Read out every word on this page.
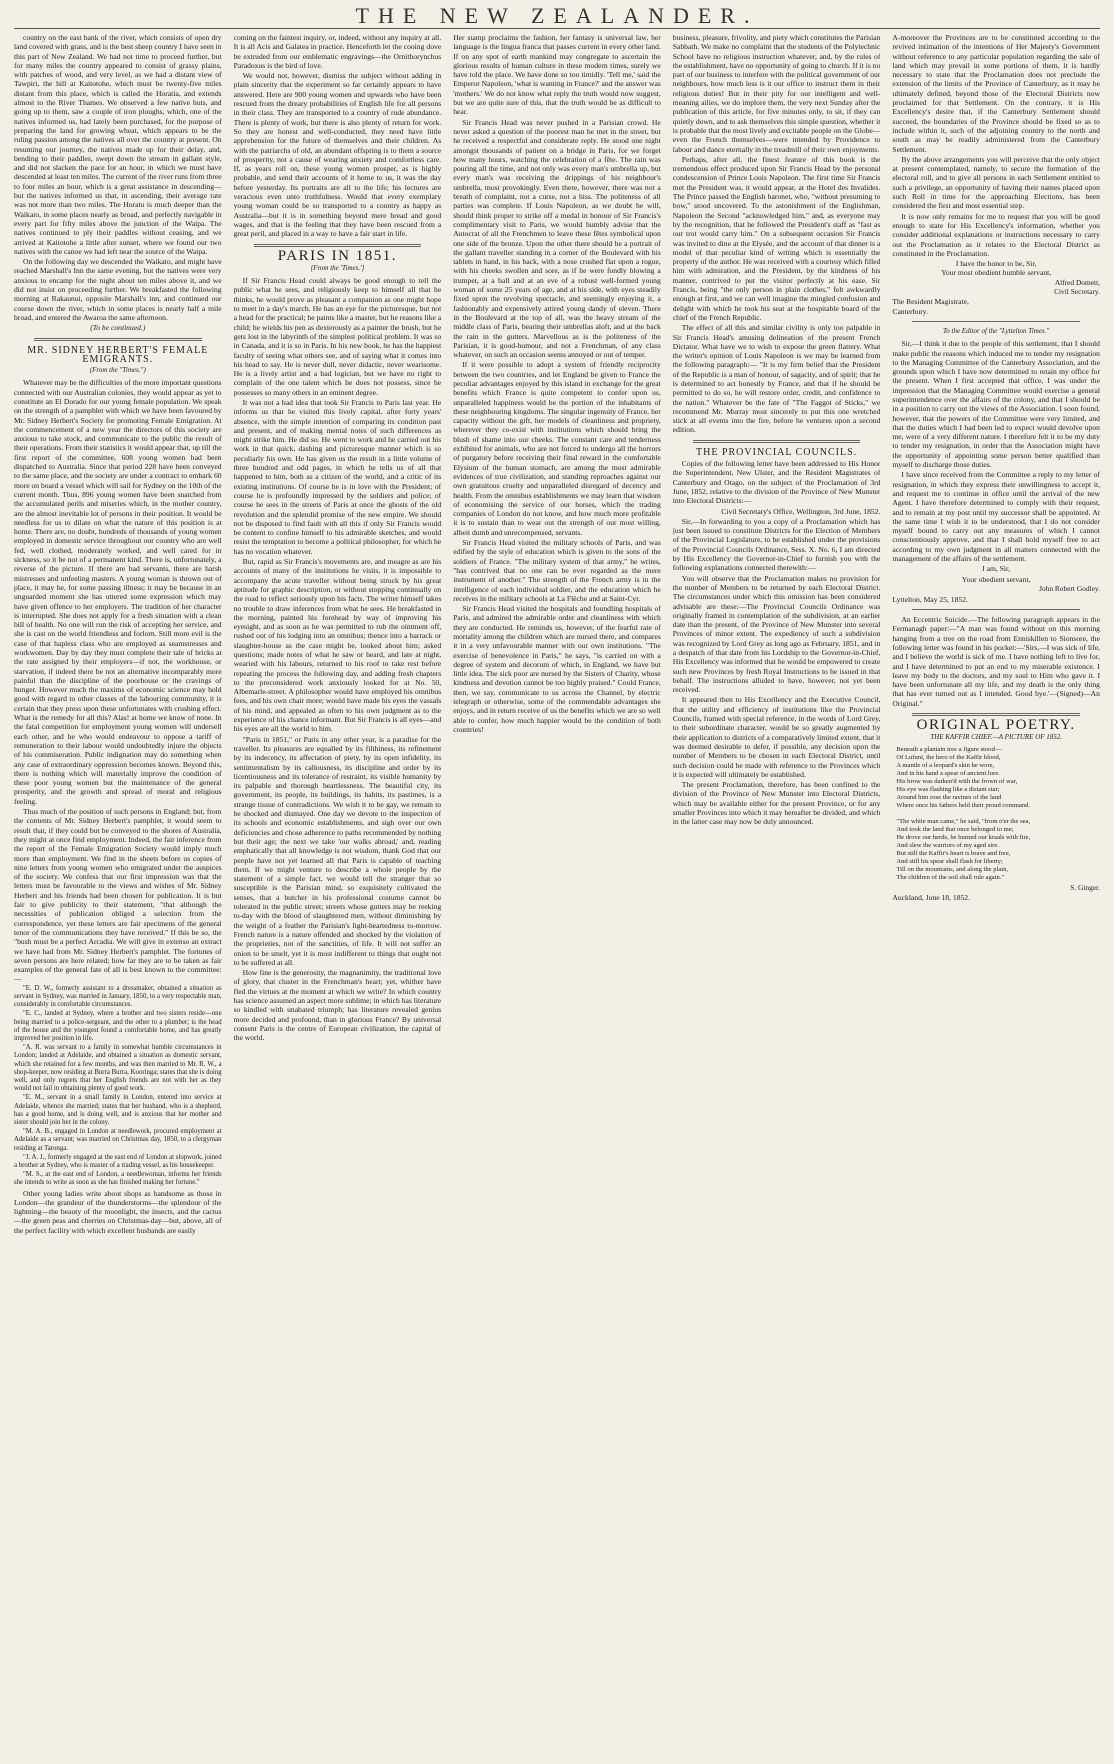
THE NEW ZEALANDER.

country on the east bank of the river, which consists of open dry land covered with grass, and is the best sheep country I have seen in this part of New Zealand. We had not time to proceed further, but for many miles the country appeared to consist of grassy plains, with patches of wood, and very level, as we had a distant view of Tawpiri, the hill at Kaitotohe, which must be twenty-five miles distant from this place, which is called the Horatia, and extends almost to the River Thames. We observed a few native huts, and going up to them, saw a couple of iron ploughs, which, one of the natives informed us, had lately been purchased, for the purpose of preparing the land for growing wheat, which appears to be the ruling passion among the natives all over the country at present. On resuming our journey, the natives made up for their delay, and, bending to their paddles, swept down the stream in gallant style, and did not slacken the pace for an hour, in which we must have descended at least ten miles. The current of the river runs from three to four miles an hour, which is a great assistance in descending—but the natives informed us that, in ascending, their average rate was not more than two miles. The Horatu is much deeper than the Waikato, in some places nearly as broad, and perfectly navigable in every part for fifty miles above the junction of the Waipa. The natives continued to ply their paddles without ceasing, and we arrived at Kaitotohe a little after sunset, where we found our two natives with the canoe we had left near the source of the Waipa.

On the following day we descended the Waikato, and might have reached Marshall's Inn the same evening, but the natives were very anxious to encamp for the night about ten miles above it, and we did not insist on proceeding further. We breakfasted the following morning at Rakaunui, opposite Marshall's inn, and continued our course down the river, which in some places is nearly half a mile broad, and entered the Awaroa the same afternoon.

(To be continued.)

MR. SIDNEY HERBERT'S FEMALE EMIGRANTS.
(From the "Times.")

Whatever may be the difficulties of the more important questions connected with our Australian colonies, they would appear as yet to constitute an El Dorado for our young female population. We speak on the strength of a pamphlet with which we have been favoured by Mr. Sidney Herbert's Society for promoting Female Emigration. At the commencement of a new year the directors of this society are anxious to take stock, and communicate to the public the result of their operations. From their statistics it would appear that, up till the first report of the committee, 608 young women had been dispatched to Australia. Since that period 228 have been conveyed to the same place, and the society are under a contract to embark 60 more on board a vessel which will sail for Sydney on the 10th of the current month. Thus, 896 young women have been snatched from the accumulated perils and miseries which, in the mother country, are the almost inevitable lot of persons in their position. It would be needless for us to dilate on what the nature of this position is at home. There are, no doubt, hundreds of thousands of young women employed in domestic service throughout our country who are well fed, well clothed, moderately worked, and well cared for in sickness, so it be not of a permanent kind. There is, unfortunately, a reverse of the picture. If there are bad servants, there are harsh mistresses and unfeeling masters. A young woman is thrown out of place, it may be, for some passing illness; it may be because in an unguarded moment she has uttered some expression which may have given offence to her employers. The tradition of her character is interrupted. She does not apply for a fresh situation with a clean bill of health. No one will run the risk of accepting her service, and she is cast on the world friendless and forlorn. Still more evil is the case of that hapless class who are employed as seamstresses and workwomen. Day by day they must complete their tale of bricks at the rate assigned by their employers—if not, the workhouse, or starvation, if indeed there be not an alternative incomparably more painful than the discipline of the poorhouse or the cravings of hunger. However much the maxims of economic science may hold good with regard to other classes of the labouring community, it is certain that they press upon these unfortunates with crushing effect. What is the remedy for all this? Alas! at home we know of none. In the fatal competition for employment young women will undersell each other, and he who would endeavour to oppose a tariff of remuneration to their labour would undoubtedly injure the objects of his commiseration. Public indignation may do something when any case of extraordinary oppression becomes known. Beyond this, there is nothing which will materially improve the condition of these poor young women but the maintenance of the general prosperity, and the growth and spread of moral and religious feeling.

Thus much of the position of such persons in England; but, from the contents of Mr. Sidney Herbert's pamphlet, it would seem to result that, if they could but be conveyed to the shores of Australia, they might at once find employment. Indeed, the fair inference from the report of the Female Emigration Society would imply much more than employment. We find in the sheets before us copies of nine letters from young women who emigrated under the auspices of the society. We confess that our first impression was that the letters must be favourable to the views and wishes of Mr. Sidney Herbert and his friends had been chosen for publication. It is but fair to give publicity to their statement, "that although the necessities of publication obliged a selection from the correspondence, yet these letters are fair specimens of the general tenor of the communications they have received." If this be so, the "bush must be a perfect Arcadia. We will give in extenso an extract we have had from Mr. Sidney Herbert's pamphlet. The fortunes of seven persons are here related; how far they are to be taken as fair examples of the general fate of all is best known to the committee:—

"E. D. W., formerly assistant to a dressmaker, obtained a situation as servant in Sydney, was married in January, 1850, to a very respectable man, considerably in comfortable circumstances.

"E. C., landed at Sydney, where a brother and two sisters reside—one being married to a police-sergeant, and the other to a plumber; is the head of the house and the youngest found a comfortable home, and has greatly improved her position in life.

"A. R. was servant to a family in somewhat humble circumstances in London; landed at Adelaide, and obtained a situation as domestic servant, which she retained for a few months, and was then married to Mr. R. W., a shop-keeper, now residing at Burra Burra, Kooringa; states that she is doing well, and only regrets that her English friends are not with her as they would not fail in obtaining plenty of good work.

"E. M., servant in a small family in London, entered into service at Adelaide, whence she married; states that her husband, who is a shepherd, has a good home, and is doing well, and is anxious that her mother and sister should join her in the colony.

"M. A. B., engaged in London at needlework, procured employment at Adelaide as a servant; was married on Christmas day, 1850, to a clergyman residing at Taronga.

"J. A. J., formerly engaged at the east end of London at slopwork, joined a brother at Sydney, who is master of a trading vessel, as his housekeeper.

"M. S., at the east end of London, a needlewoman, informs her friends she intends to write as soon as she has finished making her fortune."

Other young ladies write about shops as handsome as those in London—the grandeur of the thunderstorms—the splendour of the lightning—the beauty of the moonlight, the insects, and the cactus—the green peas and cherries on Christmas-day—but, above, all of the perfect facility with which excellent husbands are easily

coming on the faintest inquiry, or, indeed, without any inquiry at all. It is all Acis and Galatea in practice. Henceforth let the cooing dove be extruded from our emblematic engravings—the Ornithorynchus Paradoxus is the bird of love.

We would not, however, dismiss the subject without adding in plain sincerity that the experiment so far certainly appears to have answered. Here are 900 young women and upwards who have been rescued from the dreary probabilities of English life for all persons in their class. They are transported to a country of rude abundance. There is plenty of work, but there is also plenty of return for work. So they are honest and well-conducted, they need have little apprehension for the future of themselves and their children. As with the patriarchs of old, an abundant offspring is to them a source of prosperity, not a cause of wearing anxiety and comfortless care. If, as years roll on, these young women prosper, as is highly probable, and send their accounts of it home to us, it was the day before yesterday. Its portraits are all to the life; his lectures are veracious even unto truthfulness. Would that every exemplary young woman could be so transported to a country as happy as Australia—but it is in something beyond mere bread and good wages, and that is the feeling that they have been rescued from a great peril, and placed in a way to have a fair start in life.

PARIS IN 1851.
[From the 'Times.']

If Sir Francis Head could always be good enough to tell the public what he sees, and religiously keep to himself all that he thinks, he would prove as pleasant a companion as one might hope to meet in a day's march. He has an eye for the picturesque, but not a head for the practical; he paints like a master, but he reasons like a child; he wields his pen as dexterously as a painter the brush, but he gets lost in the labyrinth of the simplest political problem. It was so in Canada, and it is so in Paris. In his new book, he has the happiest faculty of seeing what others see, and of saying what it comes into his head to say. He is never dull, never didactic, never wearisome. He is a lively artist and a bad logician, but we have no right to complain of the one talent which he does not possess, since he possesses so many others in an eminent degree.

It was not a bad idea that took Sir Francis to Paris last year. He informs us that he visited this lively capital, after forty years' absence, with the simple intention of comparing its condition past and present, and of making mental notes of such differences as might strike him. He did so. He went to work and he carried out his work in that quick, dashing and picturesque manner which is so peculiarly his own. He has given us the result in a little volume of three hundred and odd pages, in which he tells us of all that happened to him, both as a citizen of the world, and a critic of its existing institutions. Of course he is in love with the President; of course he is profoundly impressed by the soldiers and police; of course he sees in the streets of Paris at once the ghosts of the old revolution and the splendid promise of the new empire. We should not be disposed to find fault with all this if only Sir Francis would be content to confine himself to his admirable sketches, and would resist the temptation to become a political philosopher, for which he has no vocation whatever.

But, rapid as Sir Francis's movements are, and meagre as are his accounts of many of the institutions he visits, it is impossible to accompany the acute traveller without being struck by his great aptitude for graphic description, or without stopping continually on the road to reflect seriously upon his facts. The writer himself takes no trouble to draw inferences from what he sees. He breakfasted in the morning, painted his forehead by way of improving his eyesight, and as soon as he was permitted to rub the ointment off, rushed out of his lodging into an omnibus; thence into a barrack or slaughter-house as the case might be, looked about him; asked questions; made notes of what he saw or heard, and late at night, wearied with his labours, returned to his roof to take rest before repeating the process the following day, and adding fresh chapters to the preconsidered work anxiously looked for at No. 50, Albemarle-street. A philosopher would have employed his omnibus fees, and his own chair more; would have made his eyes the vassals of his mind, and appealed as often to his own judgment as to the experience of his chance informant. But Sir Francis is all eyes—and his eyes are all the world to him.

"Paris in 1851," or Paris in any other year, is a paradise for the traveller. Its pleasures are equalled by its filthiness, its refinement by its indecency, its affectation of piety, by its open infidelity, its sentimentalism by its callousness, its discipline and order by its licentiousness and its tolerance of restraint, its visible humanity by its palpable and thorough heartlessness. The beautiful city, its government, its people, its buildings, its habits, its pastimes, is a strange tissue of contradictions. We wish it to be gay, we remain to be shocked and dismayed. One day we devote to the inspection of its schools and economic establishments, and sigh over our own deficiencies and chose adherence to paths recommended by nothing but their age; the next we take 'our walks abroad,' and, reading emphatically that all knowledge is not wisdom, thank God that our people have not yet learned all that Paris is capable of teaching them. If we might venture to describe a whole people by the statement of a simple fact, we would tell the stranger that so susceptible is the Parisian mind, so exquisitely cultivated the senses, that a butcher in his professional costume cannot be tolerated in the public street; streets whose gutters may be reeking to-day with the blood of slaughtered men, without diminishing by the weight of a feather the Parisian's light-heartedness to-morrow. French nature is a nature offended and shocked by the violation of the proprieties, not of the sanctities, of life. It will not suffer an onion to be smelt, yet it is most indifferent to things that ought not to be suffered at all.

How fine is the generosity, the magnanimity, the traditional love of glory, that cluster in the Frenchman's heart; yet, whither have fled the virtues at the moment at which we write? In which country has science assumed an aspect more sublime; in which has literature so kindled with unabated triumph; has literature revealed genius more decided and profound, than in glorious France? By universal consent Paris is the centre of European civilization, the capital of the world.

Her stamp proclaims the fashion, her fantasy is universal law, her language is the lingua franca that passes current in every other land. If on any spot of earth mankind may congregate to ascertain the glorious results of human culture in these modern times, surely we have told the place. We have done so too timidly. 'Tell me,' said the Emperor Napoleon, 'what is wanting in France?' and the answer was 'mothers.' We do not know what reply the truth would now suggest, but we are quite sure of this, that the truth would be as difficult to hear.

Sir Francis Head was never pushed in a Parisian crowd. He never asked a question of the poorest man he met in the street, but he received a respectful and considerate reply. He stood one night amongst thousands of patient on a bridge in Paris, for we forget how many hours, watching the celebration of a fête. The rain was pouring all the time, and not only was every man's umbrella up, but every man's was receiving the drippings of his neighbour's umbrella, most provokingly. Even there, however, there was not a breath of complaint, not a curse, not a hiss. The politeness of all parties was complete. If Louis Napoleon, as we doubt he will, should think proper to strike off a medal in honour of Sir Francis's complimentary visit to Paris, we would humbly advise that the Autocrat of all the Frenchmen to leave these fêtes symbolical upon one side of the bronze. Upon the other there should be a portrait of the gallant traveller standing in a corner of the Boulevard with his tablets in hand, in his back, with a nose crushed flat upon a rogue, with his cheeks swollen and sore, as if he were fondly blowing a trumpet, at a ball and at an eve of a robust well-formed young woman of some 25 years of age, and at his side, with eyes steadily fixed upon the revolving spectacle, and seemingly enjoying it, a fashionably and expensively attired young dandy of eleven. There in the Boulevard at the top of all, was the heavy stream of the middle class of Paris, bearing their umbrellas aloft, and at the back the rain in the gutters. Marvellous as is the politeness of the Parisian, it is good-humour, and not a Frenchman, of any class whatever, on such an occasion seems annoyed or out of temper.

If it were possible to adopt a system of friendly reciprocity between the two countries, and let England be given to France the peculiar advantages enjoyed by this island in exchange for the great benefits which France is quite competent to confer upon us, unparalleled happiness would be the portion of the inhabitants of these neighbouring kingdoms. The singular ingenuity of France, her capacity without the gift, her models of cleanliness and propriety, wherever they co-exist with institutions which should bring the blush of shame into our cheeks. The constant care and tenderness exhibited for animals, who are not forced to undergo all the horrors of purgatory before receiving their final reward in the comfortable Elysium of the human stomach, are among the most admirable evidences of true civilization, and standing reproaches against our own gratuitous cruelty and unparalleled disregard of decency and health. From the omnibus establishments we may learn that wisdom of economising the service of our horses, which the trading companies of London do not know, and how much more profitable it is to sustain than to wear out the strength of our most willing, albeit dumb and unrecompensed, servants.

Sir Francis Head visited the military schools of Paris, and was edified by the style of education which is given to the sons of the soldiers of France. "The military system of that army," he writes, "has contrived that no one can be ever regarded as the mere instrument of another." The strength of the French army is in the intelligence of each individual soldier, and the education which he receives in the military schools at La Flèche and at Saint-Cyr.

Sir Francis Head visited the hospitals and foundling hospitals of Paris, and admired the admirable order and cleanliness with which they are conducted. He reminds us, however, of the fearful rate of mortality among the children which are nursed there, and compares it in a very unfavourable manner with our own institutions. "The exercise of benevolence in Paris," he says, "is carried on with a degree of system and decorum of which, in England, we have but little idea. The sick poor are nursed by the Sisters of Charity, whose kindness and devotion cannot be too highly praised." Could France, then, we say, communicate to us across the Channel, by electric telegraph or otherwise, some of the commendable advantages she enjoys, and in return receive of us the benefits which we are so well able to confer, how much happier would be the condition of both countries!

business, pleasure, frivolity, and piety which constitutes the Parisian Sabbath. We make no complaint that the students of the Polytechnic School have no religious instruction whatever, and, by the rules of the establishment, have no opportunity of going to church. If it is no part of our business to interfere with the political government of our neighbours, how much less is it our office to instruct them in their religious duties! But in their pity for our intelligent and well-meaning ailies, we do implore them, the very next Sunday after the publication of this article, for five minutes only, to sit, if they can quietly down, and to ask themselves this simple question, whether it is probable that the most lively and excitable people on the Globe—even the French themselves—were intended by Providence to labour and dance eternally in the treadmill of their own enjoyments.

Perhaps, after all, the finest feature of this book is the tremendous effect produced upon Sir Francis Head by the personal condescension of Prince Louis Napoleon. The first time Sir Francis met the President was, it would appear, at the Hotel des Invalides. The Prince passed the English baronet, who, "without presuming to bow," stood uncovered. To the astonishment of the Englishman, Napoleon the Second "acknowledged him," and, as everyone may by the recognition, that he followed the President's staff as "fast as our trot would carry him." On a subsequent occasion Sir Francis was invited to dine at the Elysée, and the account of that dinner is a model of that peculiar kind of writing which is essentially the property of the author. He was received with a courtesy which filled him with admiration, and the President, by the kindness of his manner, contrived to put the visitor perfectly at his ease. Sir Francis, being "the only person in plain clothes," felt awkwardly enough at first, and we can well imagine the mingled confusion and delight with which he took his seat at the hospitable board of the chief of the French Republic.

The effect of all this and similar civility is only too palpable in Sir Francis Head's amusing delineation of the present French Dictator. What have we to wish to expose the green flattery. What the writer's opinion of Louis Napoleon is we may be learned from the following paragraph:— "It is my firm belief that the President of the Republic is a man of honour, of sagacity, and of spirit; that he is determined to act honestly by France, and that if he should be permitted to do so, he will restore order, credit, and confidence to the nation." Whatever be the fate of "The Faggot of Sticks," we recommend Mr. Murray most sincerely to put this one wretched stick at all events into the fire, before he ventures upon a second edition.

THE PROVINCIAL COUNCILS.

Copies of the following letter have been addressed to His Honor the Superintendent, New Ulster, and the Resident Magistrates of Canterbury and Otago, on the subject of the Proclamation of 3rd June, 1852, relative to the division of the Province of New Munster into Electoral Districts:—

Civil Secretary's Office, Wellington, 3rd June, 1852.

Sir,—In forwarding to you a copy of a Proclamation which has just been issued to constitute Districts for the Election of Members of the Provincial Legislature, to be established under the provisions of the Provincial Councils Ordinance, Sess. X. No. 6, I am directed by His Excellency the Governor-in-Chief to furnish you with the following explanations connected therewith:—

You will observe that the Proclamation makes no provision for the number of Members to be returned by each Electoral District. The circumstances under which this omission has been considered advisable are these:—The Provincial Councils Ordinance was originally framed in contemplation of the subdivision, at an earlier date than the present, of the Province of New Munster into several Provinces of minor extent. The expediency of such a subdivision was recognized by Lord Grey as long ago as February, 1851, and in a despatch of that date from his Lordship to the Governor-in-Chief, His Excellency was informed that he would be empowered to create such new Provinces by fresh Royal Instructions to be issued in that behalf. The instructions alluded to have, however, not yet been received.

It appeared then to His Excellency and the Executive Council, that the utility and efficiency of institutions like the Provincial Councils, framed with special reference, in the words of Lord Grey, to their subordinate character, would be so greatly augmented by their application to districts of a comparatively limited extent, that it was deemed desirable to defer, if possible, any decision upon the number of Members to be chosen in each Electoral District, until such decision could be made with reference to the Provinces which it is expected will ultimately be established.

The present Proclamation, therefore, has been confined to the division of the Province of New Munster into Electoral Districts, which may be available either for the present Province, or for any smaller Provinces into which it may hereafter be divided, and which in the latter case may now be duly announced.

A-moreover the Provinces are to be constituted according to the revived intimation of the intentions of Her Majesty's Government without reference to any particular population regarding the sale of land which may prevail in some portions of them, it is hardly necessary to state that the Proclamation does not preclude the extension of the limits of the Province of Canterbury, as it may be ultimately defined, beyond those of the Electoral Districts now proclaimed for that Settlement. On the contrary, it is His Excellency's desire that, if the Canterbury Settlement should succeed, the boundaries of the Province should be fixed so as to include within it, such of the adjoining country to the north and south as may be readily administered from the Canterbury Settlement.

By the above arrangements you will perceive that the only object at present contemplated, namely, to secure the formation of the electoral roll, and to give all persons in each Settlement entitled to such a privilege, an opportunity of having their names placed upon such Roll in time for the approaching Elections, has been considered the first and most essential step.

It is now only remains for me to request that you will be good enough to state for His Excellency's information, whether you consider additional explanations or instructions necessary to carry out the Proclamation as it relates to the Electoral District as constituted in the Proclamation.

I have the honor to be, Sir,
Your most obedient humble servant,

Alfred Domett,
Civil Secretary.

The Resident Magistrate,
Canterbury.

To the Editor of the "Lyttelton Times."

Sir,—I think it due to the people of this settlement, that I should make public the reasons which induced me to tender my resignation to the Managing Committee of the Canterbury Association, and the grounds upon which I have now determined to retain my office for the present. When I first accepted that office, I was under the impression that the Managing Committee would exercise a general superintendence over the affairs of the colony, and that I should be in a position to carry out the views of the Association. I soon found, however, that the powers of the Committee were very limited, and that the duties which I had been led to expect would devolve upon me, were of a very different nature. I therefore felt it to be my duty to tender my resignation, in order that the Association might have the opportunity of appointing some person better qualified than myself to discharge those duties.

I have since received from the Committee a reply to my letter of resignation, in which they express their unwillingness to accept it, and request me to continue in office until the arrival of the new Agent. I have therefore determined to comply with their request, and to remain at my post until my successor shall be appointed. At the same time I wish it to be understood, that I do not consider myself bound to carry out any measures of which I cannot conscientiously approve, and that I shall hold myself free to act according to my own judgment in all matters connected with the management of the affairs of the settlement.

I am, Sir,

Your obedient servant,

John Robert Godley.

Lyttelton, May 25, 1852.

An Eccentric Suicide.—The following paragraph appears in the Fermanagh paper:—"A man was found without on this morning hanging from a tree on the road from Enniskillen to Sionsore, the following letter was found in his pocket:—'Sirs,—I was sick of life, and I believe the world is sick of me. I have nothing left to live for, and I have determined to put an end to my miserable existence. I leave my body to the doctors, and my soul to Him who gave it. I have been unfortunate all my life, and my death is the only thing that has ever turned out as I intended. Good bye.'—(Signed)—An Original."

ORIGINAL POETRY.
THE KAFFIR CHIEF.—A PICTURE OF 1852.

Beneath a plantain tree a figure stood—

Of Lufuni, the hero of the Kaffir blood,

A mantle of a leopard's skin he wore,

And in his hand a spear of ancient lore.

His brow was darken'd with the frown of war,

His eye was flashing like a distant star;

Around him rose the ravines of the land

Where once his fathers held their proud command.

"The white man came," he said, "from o'er the sea,

And took the land that once belonged to me;

He drove our herds, he burned our kraals with fire,

And slew the warriors of my aged sire.

But still the Kaffir's heart is brave and free,

And still his spear shall flash for liberty;

Till on the mountains, and along the plain,

The children of the soil shall rule again."

S. Ginger.

Auckland, June 18, 1852.
